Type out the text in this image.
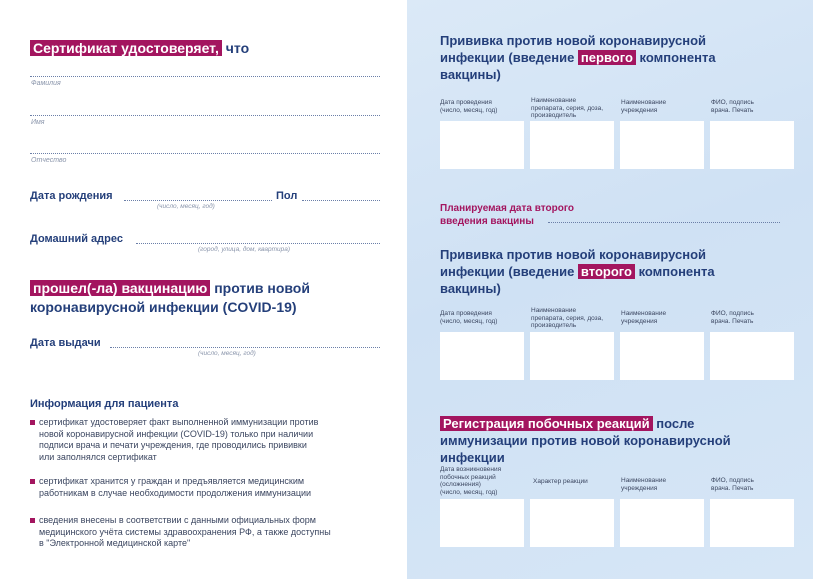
Сертификат удостоверяет, что
Фамилия
Имя
Отчество
Дата рождения
(число, месяц, год)
Пол
Домашний адрес
(город, улица, дом, квартира)
прошел(-ла) вакцинацию против новой
коронавирусной инфекции (COVID-19)
Дата выдачи
(число, месяц, год)
Информация для пациента
сертификат удостоверяет факт выполненной иммунизации против
новой коронавирусной инфекции (COVID-19) только при наличии
подписи врача и печати учреждения, где проводились прививки
или заполнялся сертификат
сертификат хранится у граждан и предъявляется медицинским
работникам в случае необходимости продолжения иммунизации
сведения внесены в соответствии с данными официальных форм
медицинского учёта системы здравоохранения РФ, а также доступны
в "Электронной медицинской карте"
Прививка против новой коронавирусной
инфекции (введение первого компонента
вакцины)
Дата проведения
(число, месяц, год)
Наименование
препарата, серия, доза,
производитель
Наименование
учреждения
ФИО, подпись
врача. Печать
Планируемая дата второго
введения вакцины
Прививка против новой коронавирусной
инфекции (введение второго компонента
вакцины)
Дата проведения
(число, месяц, год)
Наименование
препарата, серия, доза,
производитель
Наименование
учреждения
ФИО, подпись
врача. Печать
Регистрация побочных реакций после
иммунизации против новой коронавирусной
инфекции
Дата возникновения
побочных реакций
(осложнения)
(число, месяц, год)
Характер реакции	Наименование
учреждения
ФИО, подпись
врача. Печать
